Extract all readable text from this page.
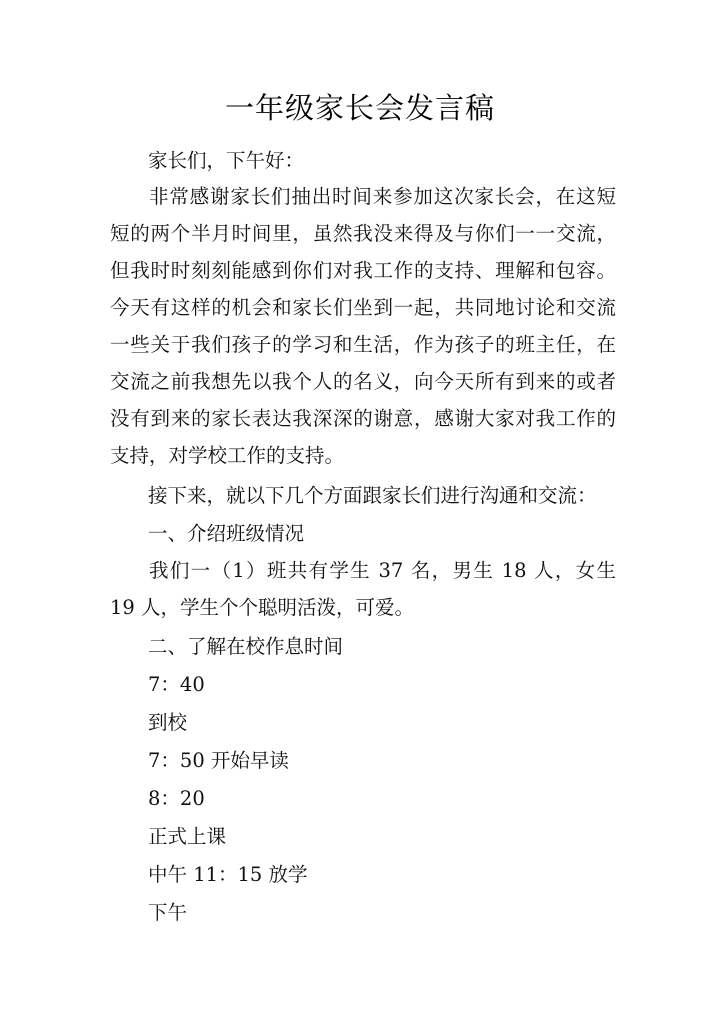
一年级家长会发言稿
家长们，下午好：
非常感谢家长们抽出时间来参加这次家长会，在这短短的两个半月时间里，虽然我没来得及与你们一一交流，但我时时刻刻能感到你们对我工作的支持、理解和包容。今天有这样的机会和家长们坐到一起，共同地讨论和交流一些关于我们孩子的学习和生活，作为孩子的班主任，在交流之前我想先以我个人的名义，向今天所有到来的或者没有到来的家长表达我深深的谢意，感谢大家对我工作的支持，对学校工作的支持。
接下来，就以下几个方面跟家长们进行沟通和交流：
一、介绍班级情况
我们一（1）班共有学生 37 名，男生 18 人，女生 19 人，学生个个聪明活泼，可爱。
二、了解在校作息时间
7：40
到校
7：50 开始早读
8：20
正式上课
中午 11：15 放学
下午
